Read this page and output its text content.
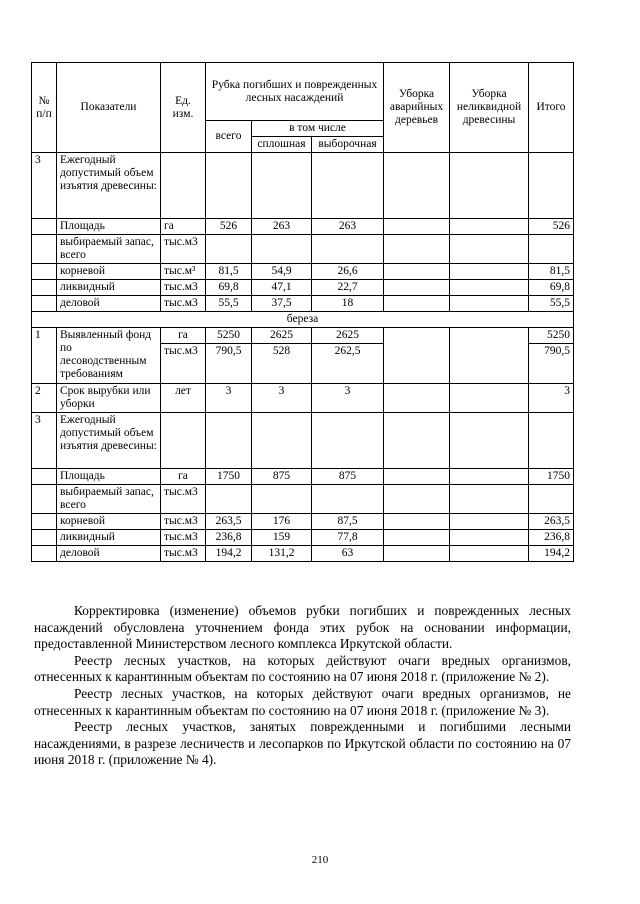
№ п/п	Показатели	Ед. изм.	Рубка погибших и поврежденных лесных насаждений			Уборка аварийных деревьев	Уборка неликвидной древесины	Итого
			всего	в том числе				
				сплошная	выборочная			
3	Ежегодный допустимый объем изъятия древесины:							
	Площадь	га	526	263	263			526
	выбираемый запас, всего	тыс.м3						
	корневой	тыс.м³	81,5	54,9	26,6			81,5
	ликвидный	тыс.м3	69,8	47,1	22,7			69,8
	деловой	тыс.м3	55,5	37,5	18			55,5
береза								
1	Выявленный фонд по лесоводственным требованиям	га	5250	2625	2625			5250
		тыс.м3	790,5	528	262,5			790,5
2	Срок вырубки или уборки	лет	3	3	3			3
3	Ежегодный допустимый объем изъятия древесины:							
	Площадь	га	1750	875	875			1750
	выбираемый запас, всего	тыс.м3						
	корневой	тыс.м3	263,5	176	87,5			263,5
	ликвидный	тыс.м3	236,8	159	77,8			236,8
	деловой	тыс.м3	194,2	131,2	63			194,2

Корректировка (изменение) объемов рубки погибших и поврежденных лесных насаждений обусловлена уточнением фонда этих рубок на основании информации, предоставленной Министерством лесного комплекса Иркутской области.

Реестр лесных участков, на которых действуют очаги вредных организмов, отнесенных к карантинным объектам по состоянию на 07 июня 2018 г. (приложение № 2).

Реестр лесных участков, на которых действуют очаги вредных организмов, не отнесенных к карантинным объектам по состоянию на 07 июня 2018 г. (приложение № 3).

Реестр лесных участков, занятых поврежденными и погибшими лесными насаждениями, в разрезе лесничеств и лесопарков по Иркутской области по состоянию на 07 июня 2018 г. (приложение № 4).

210
